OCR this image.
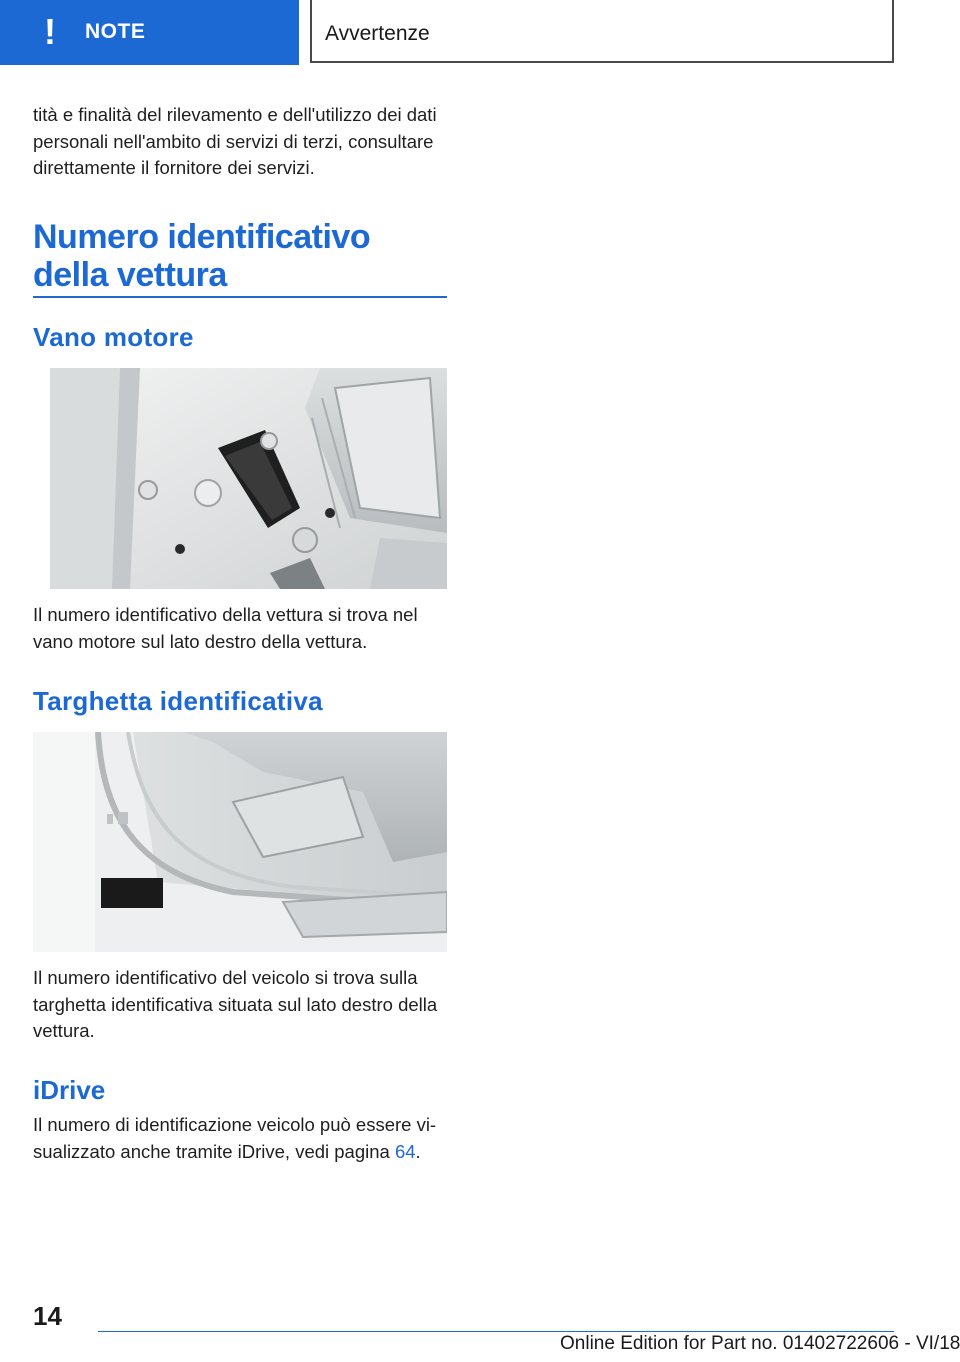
! NOTE	Avvertenze
tità e finalità del rilevamento e dell'utilizzo dei dati personali nell'ambito di servizi di terzi, consultare direttamente il fornitore dei servizi.
Numero identificativo della vettura
Vano motore
Il numero identificativo della vettura si trova nel vano motore sul lato destro della vettura.
Targhetta identificativa
Il numero identificativo del veicolo si trova sulla targhetta identificativa situata sul lato destro della vettura.
iDrive
Il numero di identificazione veicolo può essere vi-sualizzato anche tramite iDrive, vedi pagina 64.
14
Online Edition for Part no. 01402722606 - VI/18
